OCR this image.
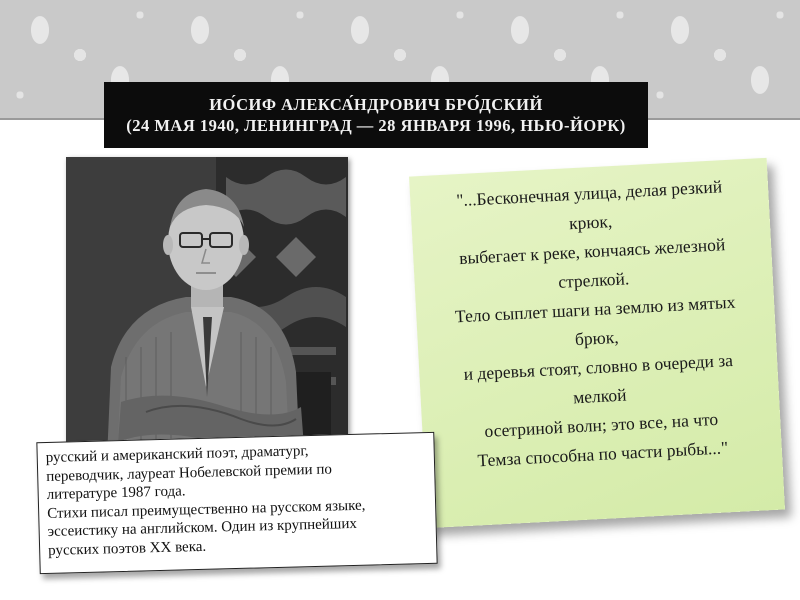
ИО́СИФ АЛЕКСА́НДРОВИЧ БРО́ДСКИЙ
(24 МАЯ 1940, ЛЕНИНГРАД — 28 ЯНВАРЯ 1996, НЬЮ-ЙОРК)
"...Бесконечная улица, делая резкий
крюк,
выбегает к реке, кончаясь железной
стрелкой.
Тело сыплет шаги на землю из мятых
брюк,
и деревья стоят, словно в очереди за
мелкой
осетриной волн; это все, на что
Темза способна по части рыбы..."
русский и американский поэт, драматург,
переводчик, лауреат Нобелевской премии по
литературе 1987 года.
Стихи писал преимущественно на русском языке,
эссеистику на английском. Один из крупнейших
русских поэтов XX века.
